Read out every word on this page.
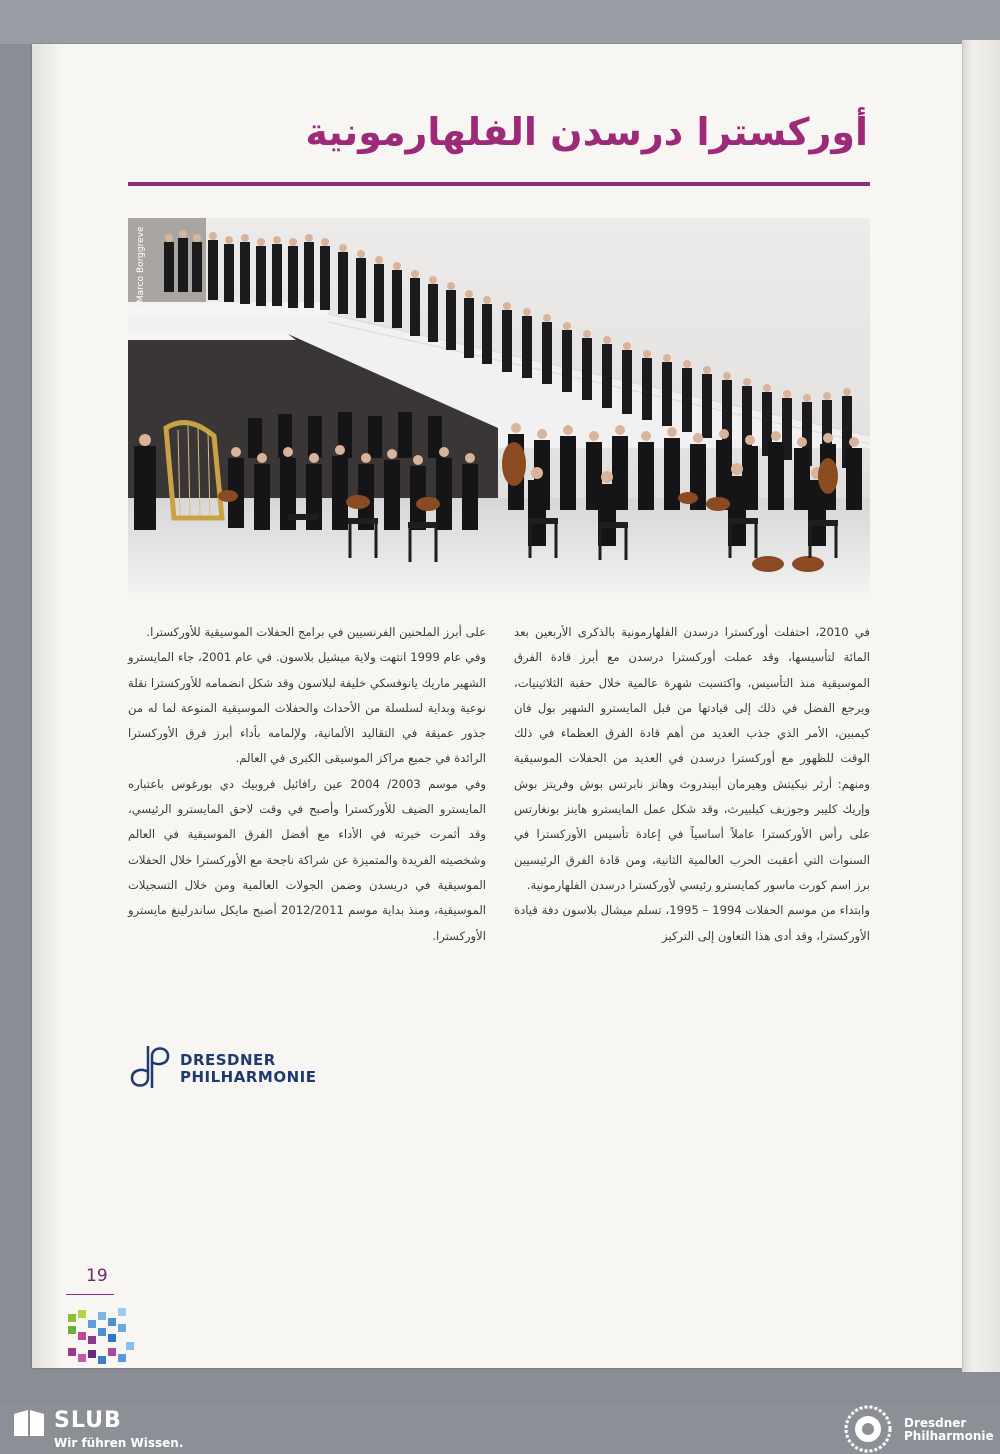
أوركسترا درسدن الفلهارمونية
© Marco Borggreve

في 2010، احتفلت أوركسترا درسدن الفلهارمونية بالذكرى الأربعين بعد المائة لتأسيسها، وقد عملت أوركسترا درسدن مع أبرز قادة الفرق الموسيقية منذ التأسيس، واكتسبت شهرة عالمية خلال حقبة الثلاثينيات، ويرجع الفضل في ذلك إلى قيادتها من قبل المايسترو الشهير بول فان كيمبين، الأمر الذي جذب العديد من أهم قادة الفرق العظماء في ذلك الوقت للظهور مع أوركسترا درسدن في العديد من الحفلات الموسيقية ومنهم: أرثر نيكيتش وهيرمان أبيندروث وهانز نابرتس بوش وفريتز بوش وإريك كليبر وجوزيف كيلبيرث، وقد شكل عمل المايسترو هاينز بونغارتس على رأس الأوركسترا عاملاً أساسياً في إعادة تأسيس الأوركسترا في السنوات التي أعقبت الحرب العالمية الثانية، ومن قادة الفرق الرئيسيين برز اسم كورت ماسور كمايسترو رئيسي لأوركسترا درسدن الفلهارمونية.

وابتداء من موسم الحفلات 1994 – 1995، تسلم ميشال بلاسون دفة قيادة الأوركسترا، وقد أدى هذا التعاون إلى التركيز

على أبرز الملحنين الفرنسيين في برامج الحفلات الموسيقية للأوركسترا.

وفي عام 1999 انتهت ولاية ميشيل بلاسون. في عام 2001، جاء المايسترو الشهير ماريك يانوفسكي خليفة لبلاسون وقد شكل انضمامه للأوركسترا نقلة نوعية وبداية لسلسلة من الأحداث والحفلات الموسيقية المنوعة لما له من جذور عميقة في التقاليد الألمانية، ولإلمامه بأداء أبرز فرق الأوركسترا الرائدة في جميع مراكز الموسيقى الكبرى في العالم.

وفي موسم 2003/ 2004 عين رافائيل فروبيك دي بورغوس باعتباره المايسترو الضيف للأوركسترا وأصبح في وقت لاحق المايسترو الرئيسي، وقد أثمرت خبرته في الأداء مع أفضل الفرق الموسيقية في العالم وشخصيته الفريدة والمتميزة عن شراكة ناجحة مع الأوركسترا خلال الحفلات الموسيقية في دريسدن وضمن الجولات العالمية ومن خلال التسجيلات الموسيقية، ومنذ بداية موسم 2012/2011 أصبح مايكل ساندرلينغ مايسترو الأوركسترا.

DRESDNER
PHILHARMONIE
19
SLUB
Wir führen Wissen.
Dresdner
Philharmonie
